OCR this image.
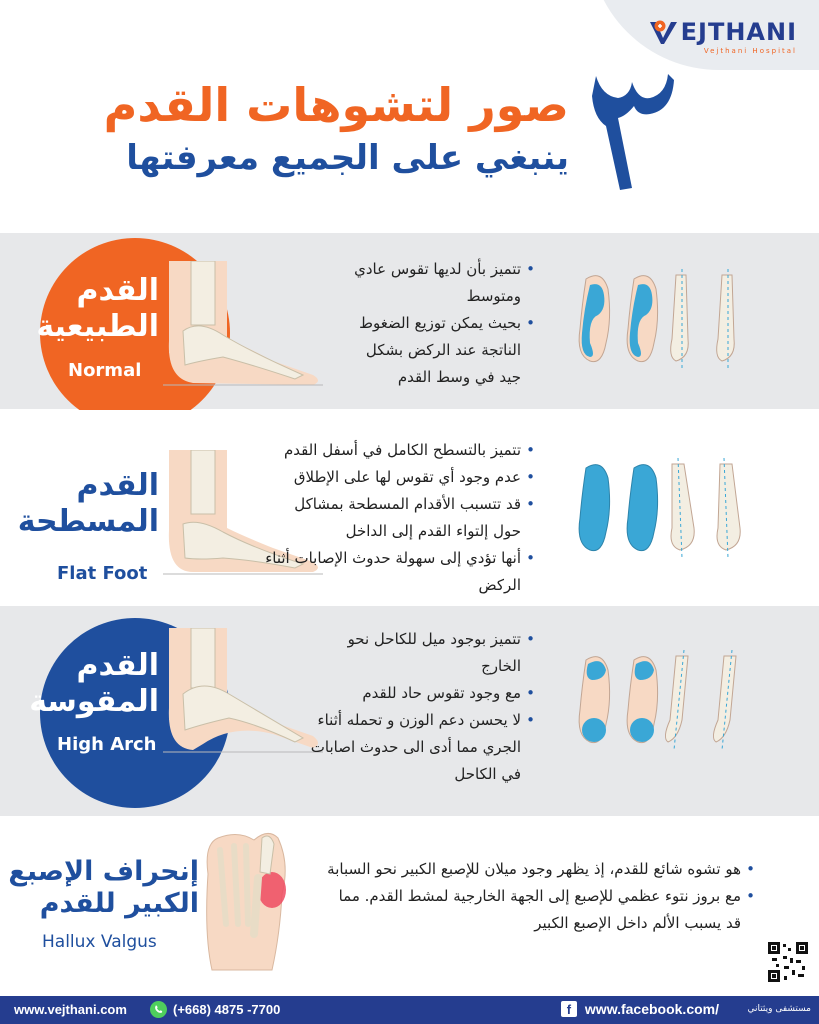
EJTHANI
Vejthani Hospital
صور لتشوهات القدم
ينبغي على الجميع معرفتها
القدم
الطبيعية
Normal
• تتميز بأن لديها تقوس عادي ومتوسط
• بحيث يمكن توزيع الضغوط الناتجة عند الركض بشكل جيد في وسط القدم
القدم
المسطحة
Flat Foot
• تتميز بالتسطح الكامل في أسفل القدم
• عدم وجود أي تقوس لها على الإطلاق
• قد تتسبب الأقدام المسطحة بمشاكل حول إلتواء القدم إلى الداخل
• أنها تؤدي إلى سهولة حدوث الإصابات أثناء الركض
القدم
المقوسة
High Arch
• تتميز بوجود ميل للكاحل نحو الخارج
• مع وجود تقوس حاد للقدم
• لا يحسن دعم الوزن و تحمله أثناء الجري مما أدى الى حدوث اصابات في الكاحل
إنحراف الإصبع
الكبير للقدم
Hallux Valgus
• هو تشوه شائع للقدم، إذ يظهر وجود ميلان للإصبع الكبير نحو السبابة
• مع بروز نتوء عظمي للإصبع إلى الجهة الخارجية لمشط القدم. مما قد يسبب الألم داخل الإصبع الكبير
www.vejthani.com	(+668) 4875 -7700	f www.facebook.com/	مستشفى ويثتاني
